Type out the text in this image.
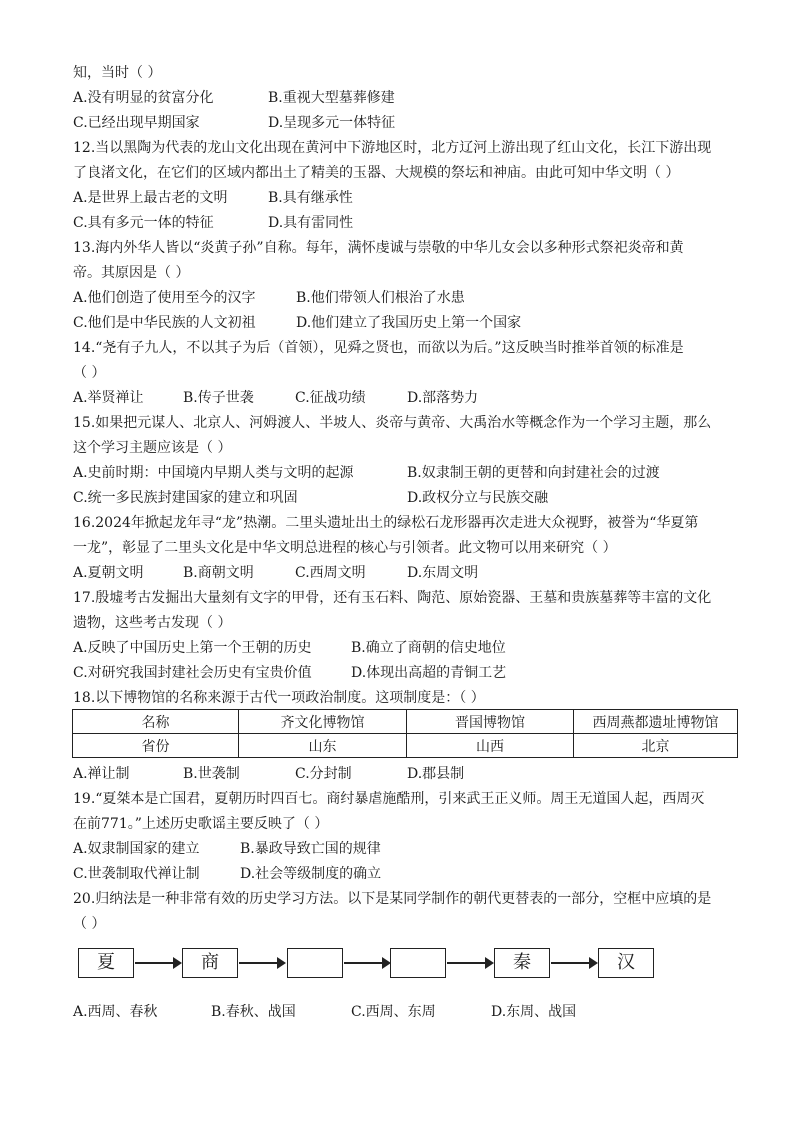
知，当时（ ）
A.没有明显的贫富分化	B.重视大型墓葬修建
C.已经出现早期国家	D.呈现多元一体特征
12.当以黑陶为代表的龙山文化出现在黄河中下游地区时，北方辽河上游出现了红山文化，长江下游出现
了良渚文化，在它们的区域内都出土了精美的玉器、大规模的祭坛和神庙。由此可知中华文明（ ）
A.是世界上最古老的文明	B.具有继承性
C.具有多元一体的特征	D.具有雷同性
13.海内外华人皆以“炎黄子孙”自称。每年，满怀虔诚与崇敬的中华儿女会以多种形式祭祀炎帝和黄
帝。其原因是（ ）
A.他们创造了使用至今的汉字	B.他们带领人们根治了水患
C.他们是中华民族的人文初祖	D.他们建立了我国历史上第一个国家
14.“尧有子九人，不以其子为后（首领），见舜之贤也，而欲以为后。”这反映当时推举首领的标准是
（ ）
A.举贤禅让	B.传子世袭	C.征战功绩	D.部落势力
15.如果把元谋人、北京人、河姆渡人、半坡人、炎帝与黄帝、大禹治水等概念作为一个学习主题，那么
这个学习主题应该是（ ）
A.史前时期：中国境内早期人类与文明的起源	B.奴隶制王朝的更替和向封建社会的过渡
C.统一多民族封建国家的建立和巩固	D.政权分立与民族交融
16.2024年掀起龙年寻“龙”热潮。二里头遗址出土的绿松石龙形器再次走进大众视野，被誉为“华夏第
一龙”，彰显了二里头文化是中华文明总进程的核心与引领者。此文物可以用来研究（ ）
A.夏朝文明	B.商朝文明	C.西周文明	D.东周文明
17.殷墟考古发掘出大量刻有文字的甲骨，还有玉石料、陶范、原始瓷器、王墓和贵族墓葬等丰富的文化
遗物，这些考古发现（ ）
A.反映了中国历史上第一个王朝的历史	B.确立了商朝的信史地位
C.对研究我国封建社会历史有宝贵价值	D.体现出高超的青铜工艺
18.以下博物馆的名称来源于古代一项政治制度。这项制度是：（ ）
名称	齐文化博物馆	晋国博物馆	西周燕都遗址博物馆
省份	山东	山西	北京
A.禅让制	B.世袭制	C.分封制	D.郡县制
19.“夏桀本是亡国君，夏朝历时四百七。商纣暴虐施酷刑，引来武王正义师。周王无道国人起，西周灭
在前771。”上述历史歌谣主要反映了（ ）
A.奴隶制国家的建立	B.暴政导致亡国的规律
C.世袭制取代禅让制	D.社会等级制度的确立
20.归纳法是一种非常有效的历史学习方法。以下是某同学制作的朝代更替表的一部分，空框中应填的是
（ ）
夏	商	秦	汉
A.西周、春秋	B.春秋、战国	C.西周、东周	D.东周、战国
